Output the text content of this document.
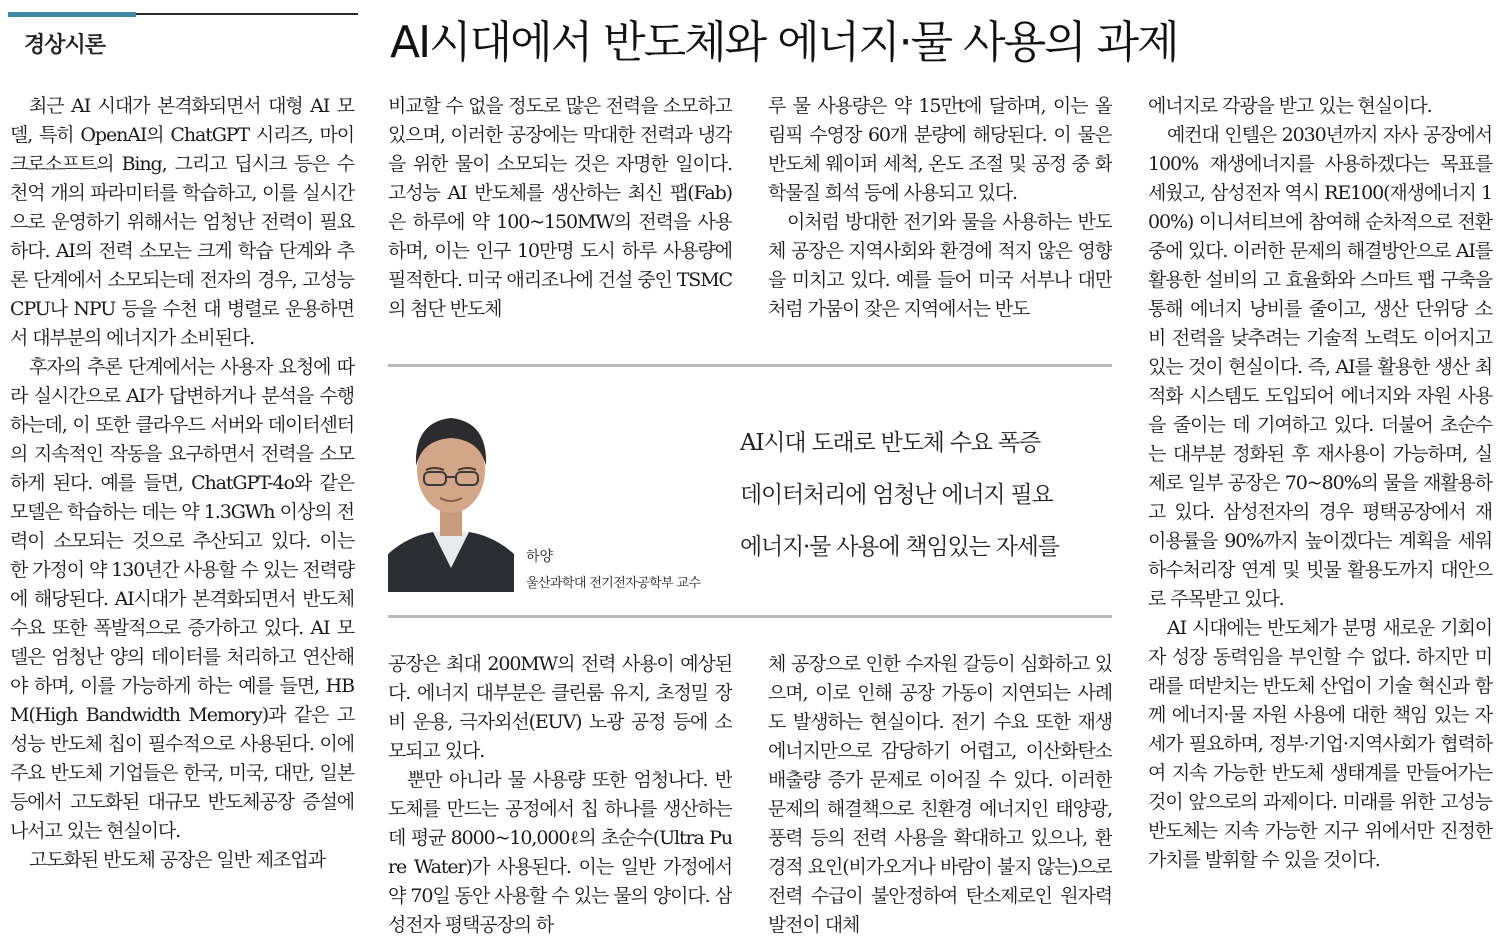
경상시론	AI시대에서 반도체와 에너지·물 사용의 과제

최근 AI 시대가 본격화되면서 대형 AI 모델, 특히 OpenAI의 ChatGPT 시리즈, 마이크로소프트의 Bing, 그리고 딥시크 등은 수천억 개의 파라미터를 학습하고, 이를 실시간으로 운영하기 위해서는 엄청난 전력이 필요하다. AI의 전력 소모는 크게 학습 단계와 추론 단계에서 소모되는데 전자의 경우, 고성능 CPU나 NPU 등을 수천 대 병렬로 운용하면서 대부분의 에너지가 소비된다.

후자의 추론 단계에서는 사용자 요청에 따라 실시간으로 AI가 답변하거나 분석을 수행하는데, 이 또한 클라우드 서버와 데이터센터의 지속적인 작동을 요구하면서 전력을 소모하게 된다. 예를 들면, ChatGPT-4o와 같은 모델은 학습하는 데는 약 1.3GWh 이상의 전력이 소모되는 것으로 추산되고 있다. 이는 한 가정이 약 130년간 사용할 수 있는 전력량에 해당된다. AI시대가 본격화되면서 반도체 수요 또한 폭발적으로 증가하고 있다. AI 모델은 엄청난 양의 데이터를 처리하고 연산해야 하며, 이를 가능하게 하는 예를 들면, HBM(High Bandwidth Memory)과 같은 고성능 반도체 칩이 필수적으로 사용된다. 이에 주요 반도체 기업들은 한국, 미국, 대만, 일본 등에서 고도화된 대규모 반도체공장 증설에 나서고 있는 현실이다.

고도화된 반도체 공장은 일반 제조업과

비교할 수 없을 정도로 많은 전력을 소모하고 있으며, 이러한 공장에는 막대한 전력과 냉각을 위한 물이 소모되는 것은 자명한 일이다. 고성능 AI 반도체를 생산하는 최신 팹(Fab)은 하루에 약 100~150MW의 전력을 사용하며, 이는 인구 10만명 도시 하루 사용량에 필적한다. 미국 애리조나에 건설 중인 TSMC의 첨단 반도체

루 물 사용량은 약 15만t에 달하며, 이는 올림픽 수영장 60개 분량에 해당된다. 이 물은 반도체 웨이퍼 세척, 온도 조절 및 공정 중 화학물질 희석 등에 사용되고 있다.

이처럼 방대한 전기와 물을 사용하는 반도체 공장은 지역사회와 환경에 적지 않은 영향을 미치고 있다. 예를 들어 미국 서부나 대만처럼 가뭄이 잦은 지역에서는 반도

하양
울산과학대 전기전자공학부 교수
AI시대 도래로 반도체 수요 폭증
데이터처리에 엄청난 에너지 필요
에너지·물 사용에 책임있는 자세를

공장은 최대 200MW의 전력 사용이 예상된다. 에너지 대부분은 클린룸 유지, 초정밀 장비 운용, 극자외선(EUV) 노광 공정 등에 소모되고 있다.

뿐만 아니라 물 사용량 또한 엄청나다. 반도체를 만드는 공정에서 칩 하나를 생산하는 데 평균 8000~10,000ℓ의 초순수(Ultra Pure Water)가 사용된다. 이는 일반 가정에서 약 70일 동안 사용할 수 있는 물의 양이다. 삼성전자 평택공장의 하

체 공장으로 인한 수자원 갈등이 심화하고 있으며, 이로 인해 공장 가동이 지연되는 사례도 발생하는 현실이다. 전기 수요 또한 재생에너지만으로 감당하기 어렵고, 이산화탄소 배출량 증가 문제로 이어질 수 있다. 이러한 문제의 해결책으로 친환경 에너지인 태양광, 풍력 등의 전력 사용을 확대하고 있으나, 환경적 요인(비가오거나 바람이 불지 않는)으로 전력 수급이 불안정하여 탄소제로인 원자력 발전이 대체

에너지로 각광을 받고 있는 현실이다.

예컨대 인텔은 2030년까지 자사 공장에서 100% 재생에너지를 사용하겠다는 목표를 세웠고, 삼성전자 역시 RE100(재생에너지 100%) 이니셔티브에 참여해 순차적으로 전환 중에 있다. 이러한 문제의 해결방안으로 AI를 활용한 설비의 고 효율화와 스마트 팹 구축을 통해 에너지 낭비를 줄이고, 생산 단위당 소비 전력을 낮추려는 기술적 노력도 이어지고 있는 것이 현실이다. 즉, AI를 활용한 생산 최적화 시스템도 도입되어 에너지와 자원 사용을 줄이는 데 기여하고 있다. 더불어 초순수는 대부분 정화된 후 재사용이 가능하며, 실제로 일부 공장은 70~80%의 물을 재활용하고 있다. 삼성전자의 경우 평택공장에서 재 이용률을 90%까지 높이겠다는 계획을 세워 하수처리장 연계 및 빗물 활용도까지 대안으로 주목받고 있다.

AI 시대에는 반도체가 분명 새로운 기회이자 성장 동력임을 부인할 수 없다. 하지만 미래를 떠받치는 반도체 산업이 기술 혁신과 함께 에너지·물 자원 사용에 대한 책임 있는 자세가 필요하며, 정부·기업·지역사회가 협력하여 지속 가능한 반도체 생태계를 만들어가는 것이 앞으로의 과제이다. 미래를 위한 고성능 반도체는 지속 가능한 지구 위에서만 진정한 가치를 발휘할 수 있을 것이다.
